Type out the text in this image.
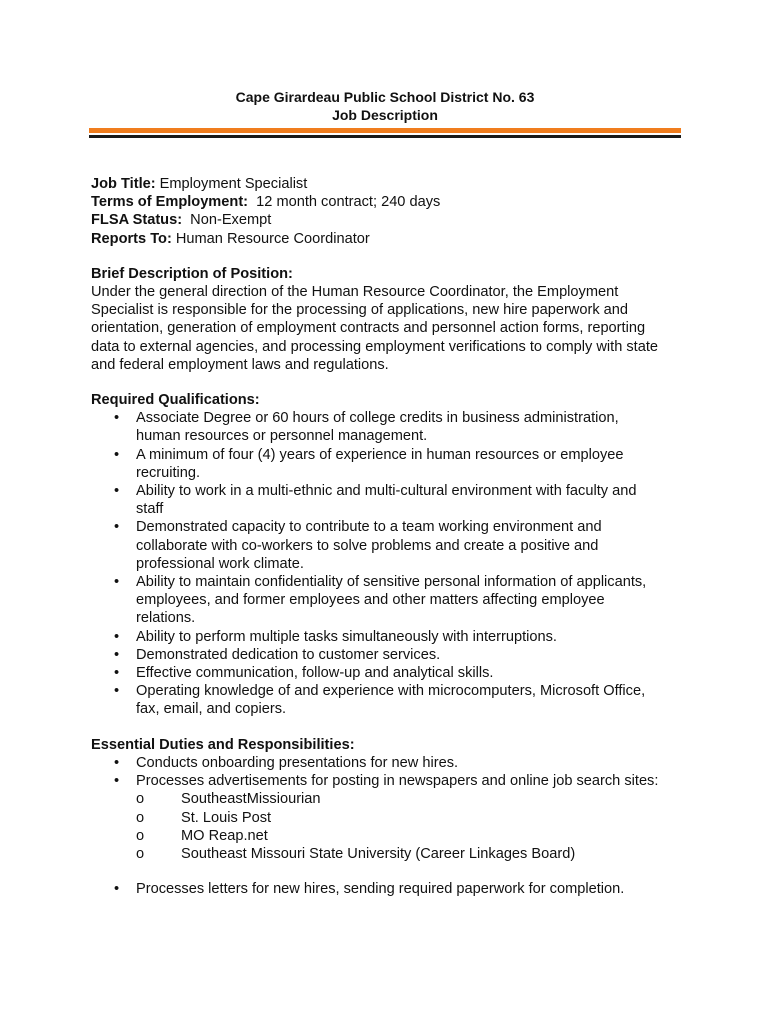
Cape Girardeau Public School District No. 63
Job Description
Job Title: Employment Specialist
Terms of Employment:  12 month contract; 240 days
FLSA Status:  Non-Exempt
Reports To: Human Resource Coordinator
Brief Description of Position:
Under the general direction of the Human Resource Coordinator, the Employment
Specialist is responsible for the processing of applications, new hire paperwork and
orientation, generation of employment contracts and personnel action forms, reporting
data to external agencies, and processing employment verifications to comply with state
and federal employment laws and regulations.
Required Qualifications:
• Associate Degree or 60 hours of college credits in business administration,
human resources or personnel management.
• A minimum of four (4) years of experience in human resources or employee
recruiting.
• Ability to work in a multi-ethnic and multi-cultural environment with faculty and
staff
• Demonstrated capacity to contribute to a team working environment and
collaborate with co-workers to solve problems and create a positive and
professional work climate.
• Ability to maintain confidentiality of sensitive personal information of applicants,
employees, and former employees and other matters affecting employee
relations.
• Ability to perform multiple tasks simultaneously with interruptions.
• Demonstrated dedication to customer services.
• Effective communication, follow-up and analytical skills.
• Operating knowledge of and experience with microcomputers, Microsoft Office,
fax, email, and copiers.
Essential Duties and Responsibilities:
• Conducts onboarding presentations for new hires.
• Processes advertisements for posting in newspapers and online job search sites:
o	SoutheastMissiourian
o	St. Louis Post
o	MO Reap.net
o	Southeast Missouri State University (Career Linkages Board)
• Processes letters for new hires, sending required paperwork for completion.
